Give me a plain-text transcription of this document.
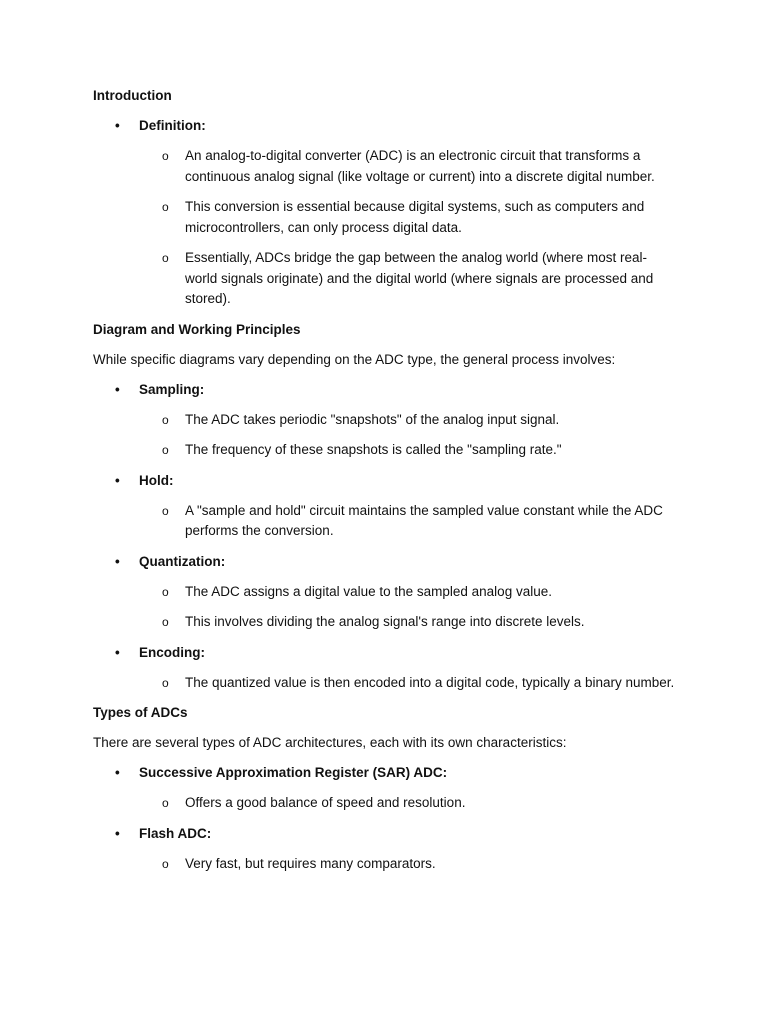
Introduction
• Definition:
o An analog-to-digital converter (ADC) is an electronic circuit that transforms a continuous analog signal (like voltage or current) into a discrete digital number.
o This conversion is essential because digital systems, such as computers and microcontrollers, can only process digital data.
o Essentially, ADCs bridge the gap between the analog world (where most real-world signals originate) and the digital world (where signals are processed and stored).
Diagram and Working Principles
While specific diagrams vary depending on the ADC type, the general process involves:
• Sampling:
o The ADC takes periodic "snapshots" of the analog input signal.
o The frequency of these snapshots is called the "sampling rate."
• Hold:
o A "sample and hold" circuit maintains the sampled value constant while the ADC performs the conversion.
• Quantization:
o The ADC assigns a digital value to the sampled analog value.
o This involves dividing the analog signal's range into discrete levels.
• Encoding:
o The quantized value is then encoded into a digital code, typically a binary number.
Types of ADCs
There are several types of ADC architectures, each with its own characteristics:
• Successive Approximation Register (SAR) ADC:
o Offers a good balance of speed and resolution.
• Flash ADC:
o Very fast, but requires many comparators.
